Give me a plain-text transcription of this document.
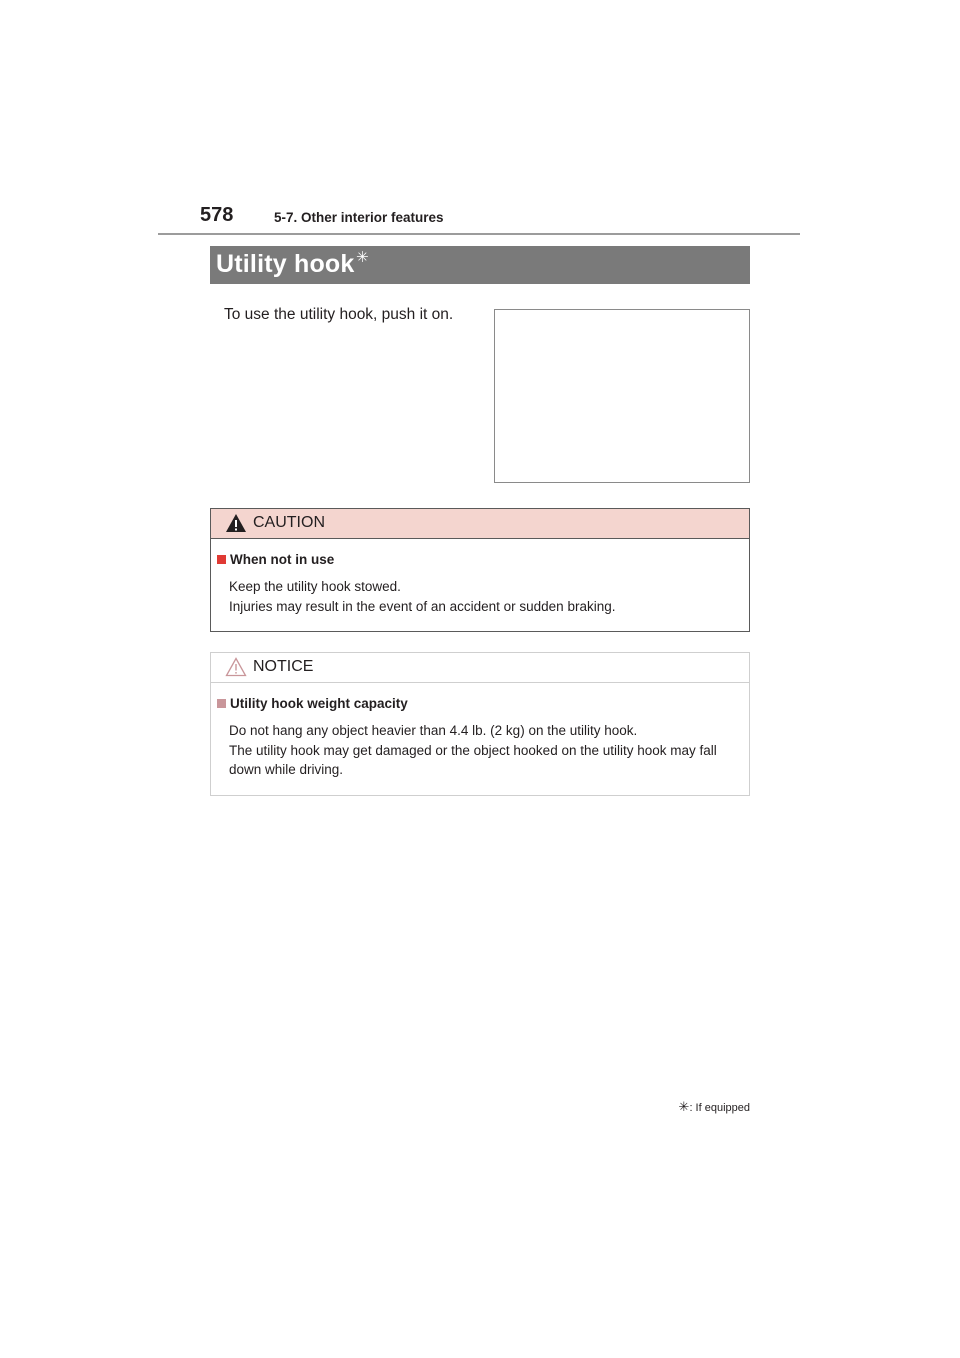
578	5-7. Other interior features
Utility hook ✳
To use the utility hook, push it on.
CAUTION
When not in use
Keep the utility hook stowed.
Injuries may result in the event of an accident or sudden braking.
NOTICE
Utility hook weight capacity
Do not hang any object heavier than 4.4 lb. (2 kg) on the utility hook.
The utility hook may get damaged or the object hooked on the utility hook may fall down while driving.
✳: If equipped
